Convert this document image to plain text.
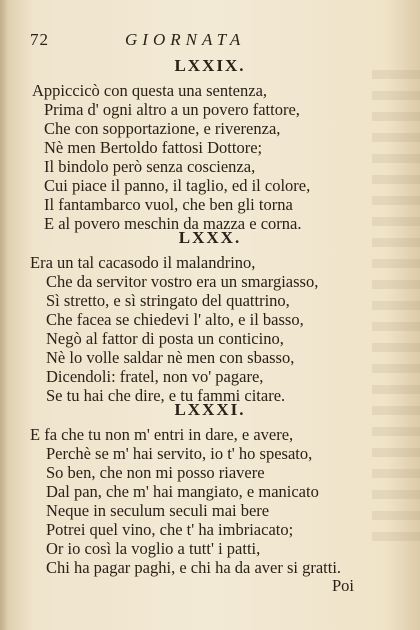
72	GIORNATA
LXXIX.
Appiccicò con questa una sentenza,
Prima d' ogni altro a un povero fattore,
Che con sopportazione, e riverenza,
Nè men Bertoldo fattosi Dottore;
Il bindolo però senza coscienza,
Cui piace il panno, il taglio, ed il colore,
Il fantambarco vuol, che ben gli torna
E al povero meschin da mazza e corna.
LXXX.
Era un tal cacasodo il malandrino,
Che da servitor vostro era un smargiasso,
Sì stretto, e sì stringato del quattrino,
Che facea se chiedevi l' alto, e il basso,
Negò al fattor di posta un conticino,
Nè lo volle saldar nè men con sbasso,
Dicendoli: fratel, non vo' pagare,
Se tu hai che dire, e tu fammi citare.
LXXXI.
E fa che tu non m' entri in dare, e avere,
Perchè se m' hai servito, io t' ho spesato,
So ben, che non mi posso riavere
Dal pan, che m' hai mangiato, e manicato
Neque in seculum seculi mai bere
Potrei quel vino, che t' ha imbriacato;
Or io così la voglio a tutt' i patti,
Chi ha pagar paghi, e chi ha da aver si gratti.
Poi
